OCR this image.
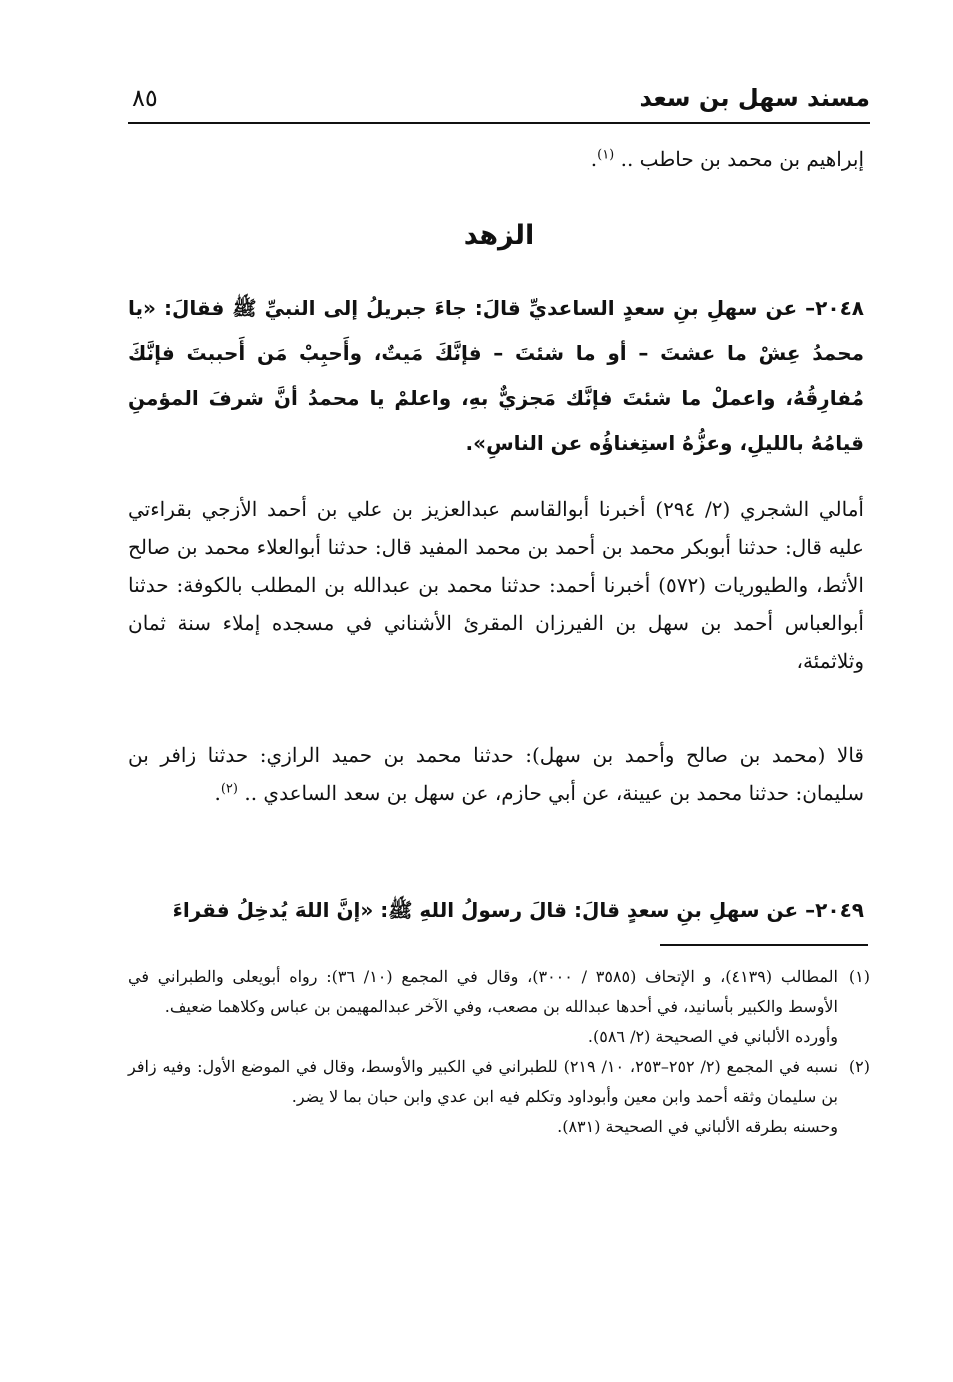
مسند سهل بن سعد
٨٥
إبراهيم بن محمد بن حاطب .. $^{(١)}$.
الزهد
٢٠٤٨– عن سهلِ بنِ سعدٍ الساعديِّ قالَ: جاءَ جبريلُ إلى النبيِّ ﷺ فقالَ: «يا محمدُ عِشْ ما عشتَ – أو ما شئتَ – فإنَّكَ مَيتٌ، وأَحبِبْ مَن أَحببتَ فإنَّكَ مُفارِقُهُ، واعملْ ما شئتَ فإنَّك مَجزيٌّ بهِ، واعلمْ يا محمدُ أنَّ شرفَ المؤمنِ قيامُهُ بالليلِ، وعزُّهُ استِغناؤُه عن الناسِ».
أمالي الشجري (٢/ ٢٩٤) أخبرنا أبوالقاسم عبدالعزيز بن علي بن أحمد الأزجي بقراءتي عليه قال: حدثنا أبوبكر محمد بن أحمد بن محمد المفيد قال: حدثنا أبوالعلاء محمد بن صالح الأثط، والطيوريات (٥٧٢) أخبرنا أحمد: حدثنا محمد بن عبدالله بن المطلب بالكوفة: حدثنا أبوالعباس أحمد بن سهل بن الفيرزان المقرئ الأشناني في مسجده إملاء سنة ثمان وثلاثمئة،
قالا (محمد بن صالح وأحمد بن سهل): حدثنا محمد بن حميد الرازي: حدثنا زافر بن سليمان: حدثنا محمد بن عيينة، عن أبي حازم، عن سهل بن سعد الساعدي .. $^{(٢)}$.
٢٠٤٩– عن سهلِ بنِ سعدٍ قالَ: قالَ رسولُ اللهِ ﷺ: «إنَّ اللهَ يُدخِلُ فقراءَ

(١)
المطالب (٤١٣٩)، و الإتحاف (٣٥٨٥ / ٣٠٠٠)، وقال في المجمع (١٠/ ٣٦): رواه أبويعلى والطبراني في الأوسط والكبير بأسانيد، في أحدها عبدالله بن مصعب، وفي الآخر عبدالمهيمن بن عباس وكلاهما ضعيف.

وأورده الألباني في الصحيحة (٢/ ٥٨٦).

(٢)
نسبه في المجمع (٢/ ٢٥٢–٢٥٣، ١٠/ ٢١٩) للطبراني في الكبير والأوسط، وقال في الموضع الأول: وفيه زافر بن سليمان وثقه أحمد وابن معين وأبوداود وتكلم فيه ابن عدي وابن حبان بما لا يضر.

وحسنه بطرقه الألباني في الصحيحة (٨٣١).
